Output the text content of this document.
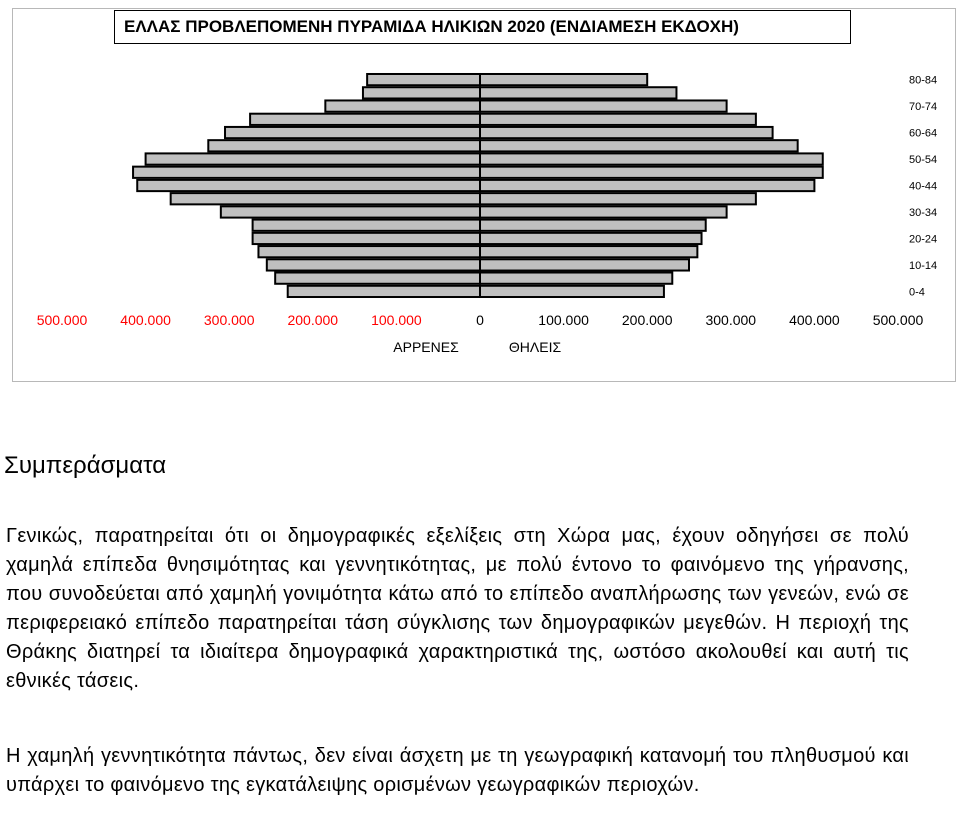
ΕΛΛΑΣ ΠΡΟΒΛΕΠΟΜΕΝΗ ΠΥΡΑΜΙΔΑ ΗΛΙΚΙΩΝ 2020 (ΕΝΔΙΑΜΕΣΗ ΕΚΔΟΧΗ)
80-84
70-74
60-64
50-54
40-44
30-34
20-24
10-14
0-4
500.000 400.000 300.000 200.000 100.000	0	100.000 200.000 300.000 400.000 500.000
ΑΡΡΕΝΕΣ	ΘΗΛΕΙΣ
Συμπεράσματα

Γενικώς, παρατηρείται ότι οι δημογραφικές εξελίξεις στη Χώρα μας, έχουν οδηγήσει σε πολύ χαμηλά επίπεδα θνησιμότητας και γεννητικότητας, με πολύ έντονο το φαινόμενο της γήρανσης, που συνοδεύεται από χαμηλή γονιμότητα κάτω από το επίπεδο αναπλήρωσης των γενεών, ενώ σε περιφερειακό επίπεδο παρατηρείται τάση σύγκλισης των δημογραφικών μεγεθών. Η περιοχή της Θράκης διατηρεί τα ιδιαίτερα δημογραφικά χαρακτηριστικά της, ωστόσο ακολουθεί και αυτή τις εθνικές τάσεις.

Η χαμηλή γεννητικότητα πάντως, δεν είναι άσχετη με τη γεωγραφική κατανομή του πληθυσμού και υπάρχει το φαινόμενο της εγκατάλειψης ορισμένων γεωγραφικών περιοχών.
